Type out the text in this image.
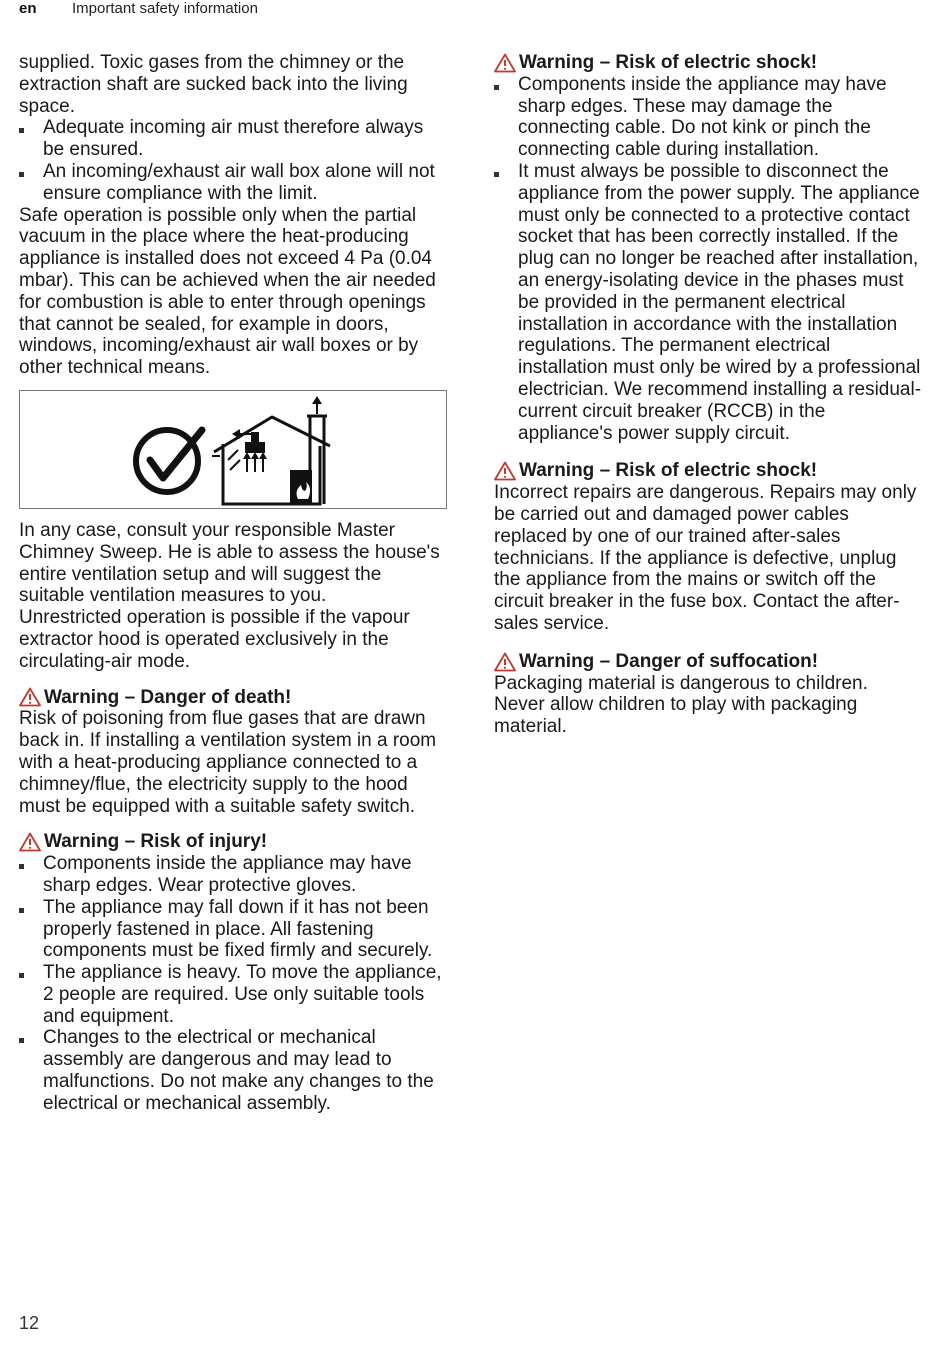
en Important safety information

supplied. Toxic gases from the chimney or the extraction shaft are sucked back into the living space.

Adequate incoming air must therefore always be ensured.
An incoming/exhaust air wall box alone will not ensure compliance with the limit.

Safe operation is possible only when the partial vacuum in the place where the heat-producing appliance is installed does not exceed 4 Pa (0.04 mbar). This can be achieved when the air needed for combustion is able to enter through openings that cannot be sealed, for example in doors, windows, incoming/exhaust air wall boxes or by other technical means.

In any case, consult your responsible Master Chimney Sweep. He is able to assess the house's entire ventilation setup and will suggest the suitable ventilation measures to you.

Unrestricted operation is possible if the vapour extractor hood is operated exclusively in the circulating-air mode.

Warning – Danger of death!

Risk of poisoning from flue gases that are drawn back in. If installing a ventilation system in a room with a heat-producing appliance connected to a chimney/flue, the electricity supply to the hood must be equipped with a suitable safety switch.

Warning – Risk of injury!
Components inside the appliance may have sharp edges. Wear protective gloves.
The appliance may fall down if it has not been properly fastened in place. All fastening components must be fixed firmly and securely.
The appliance is heavy. To move the appliance, 2 people are required. Use only suitable tools and equipment.
Changes to the electrical or mechanical assembly are dangerous and may lead to malfunctions. Do not make any changes to the electrical or mechanical assembly.
Warning – Risk of electric shock!
Components inside the appliance may have sharp edges. These may damage the connecting cable. Do not kink or pinch the connecting cable during installation.
It must always be possible to disconnect the appliance from the power supply. The appliance must only be connected to a protective contact socket that has been correctly installed. If the plug can no longer be reached after installation, an energy-isolating device in the phases must be provided in the permanent electrical installation in accordance with the installation regulations. The permanent electrical installation must only be wired by a professional electrician. We recommend installing a residual-current circuit breaker (RCCB) in the appliance's power supply circuit.
Warning – Risk of electric shock!

Incorrect repairs are dangerous. Repairs may only be carried out and damaged power cables replaced by one of our trained after-sales technicians. If the appliance is defective, unplug the appliance from the mains or switch off the circuit breaker in the fuse box. Contact the after-sales service.

Warning – Danger of suffocation!

Packaging material is dangerous to children. Never allow children to play with packaging material.

12
